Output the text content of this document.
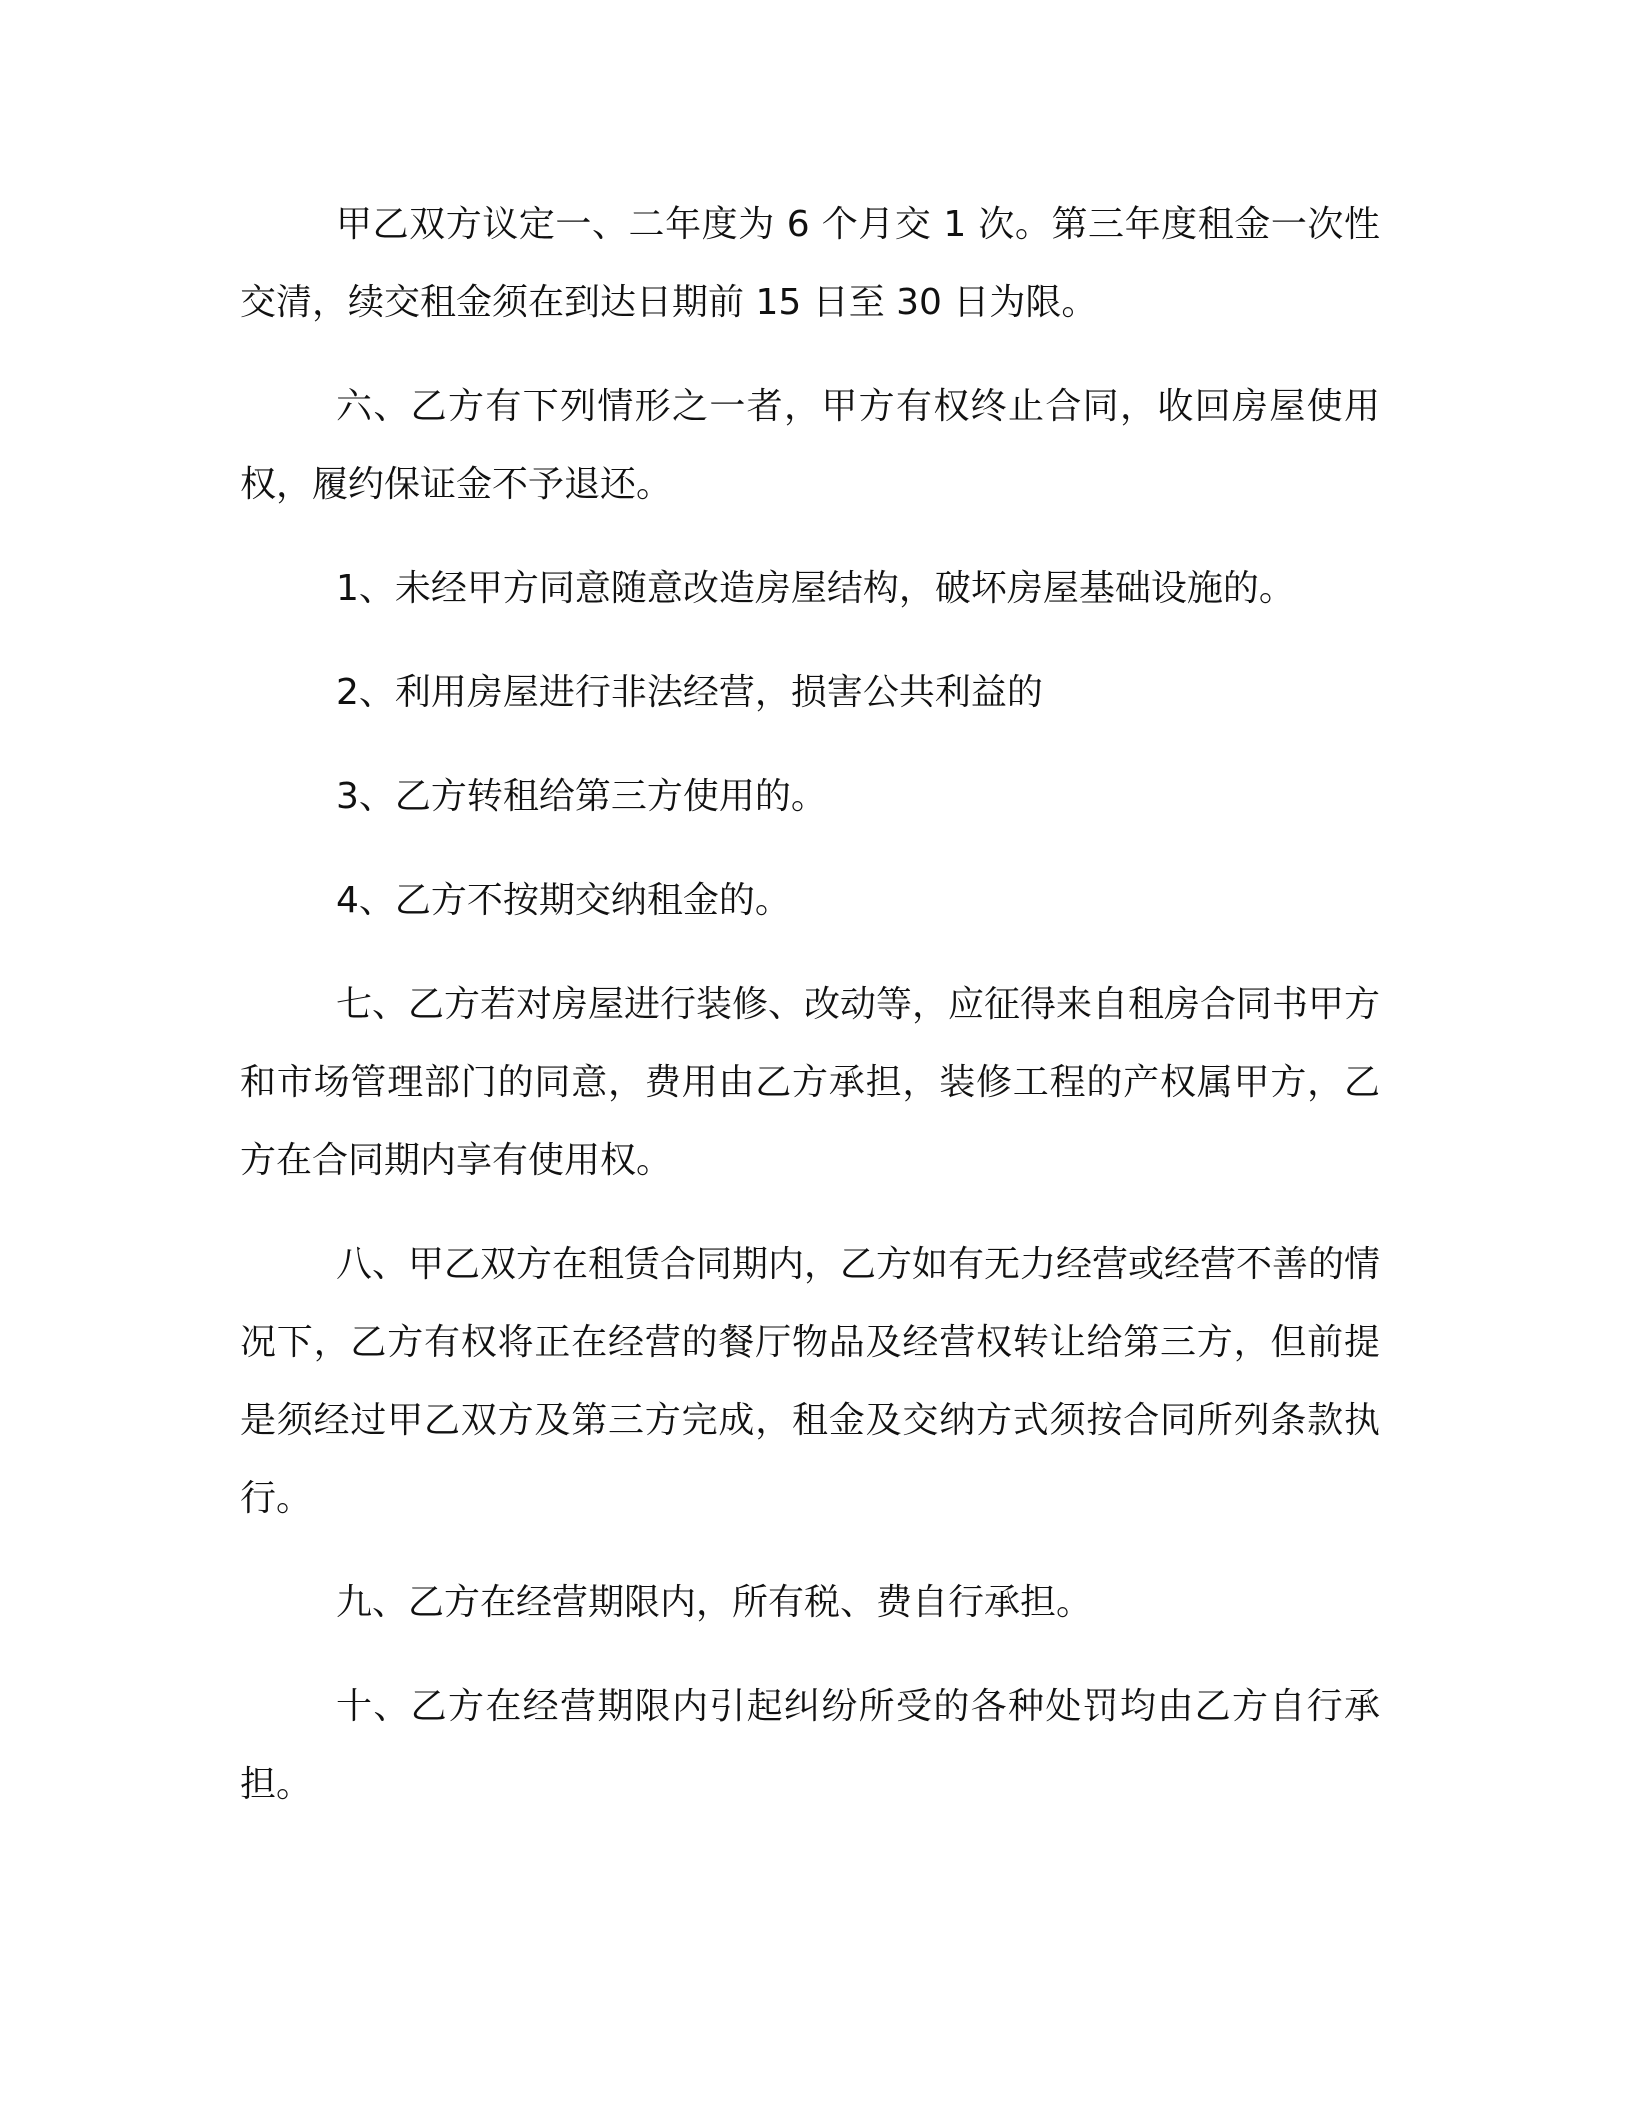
甲乙双方议定一、二年度为 6 个月交 1 次。第三年度租金一次性交清，续交租金须在到达日期前 15 日至 30 日为限。

六、乙方有下列情形之一者，甲方有权终止合同，收回房屋使用权，履约保证金不予退还。

1、未经甲方同意随意改造房屋结构，破坏房屋基础设施的。

2、利用房屋进行非法经营，损害公共利益的

3、乙方转租给第三方使用的。

4、乙方不按期交纳租金的。

七、乙方若对房屋进行装修、改动等，应征得来自租房合同书甲方和市场管理部门的同意，费用由乙方承担，装修工程的产权属甲方，乙方在合同期内享有使用权。

八、甲乙双方在租赁合同期内，乙方如有无力经营或经营不善的情况下，乙方有权将正在经营的餐厅物品及经营权转让给第三方，但前提是须经过甲乙双方及第三方完成，租金及交纳方式须按合同所列条款执行。

九、乙方在经营期限内，所有税、费自行承担。

十、乙方在经营期限内引起纠纷所受的各种处罚均由乙方自行承担。
